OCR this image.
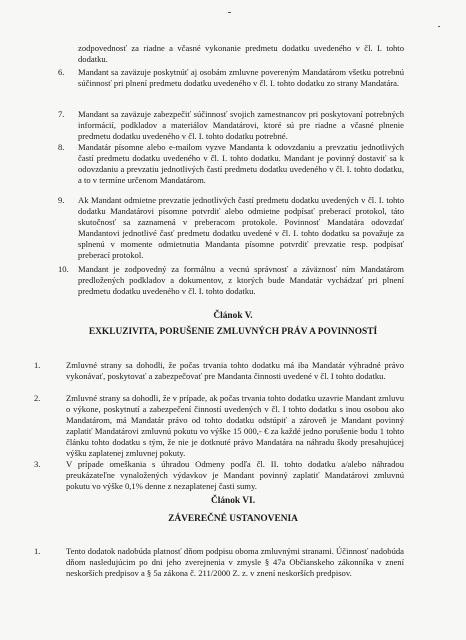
zodpovednosť za riadne a včasné vykonanie predmetu dodatku uvedeného v čl. I. tohto dodatku.

6. Mandant sa zaväzuje poskytnúť aj osobám zmluvne povereným Mandatárom všetku potrebnú súčinnosť pri plnení predmetu dodatku uvedeného v čl. I. tohto dodatku zo strany Mandatára.

7. Mandant sa zaväzuje zabezpečiť súčinnosť svojich zamestnancov pri poskytovaní potrebných informácií, podkladov a materiálov Mandatárovi, ktoré sú pre riadne a včasné plnenie predmetu dodatku uvedeného v čl. I. tohto dodatku potrebné.

8. Mandatár písomne alebo e-mailom vyzve Mandanta k odovzdaniu a prevzatiu jednotlivých častí predmetu dodatku uvedeného v čl. I. tohto dodatku. Mandant je povinný dostaviť sa k odovzdaniu a prevzatiu jednotlivých častí predmetu dodatku uvedeného v čl. I. tohto dodatku, a to v termíne určenom Mandatárom.

9. Ak Mandant odmietne prevzatie jednotlivých častí predmetu dodatku uvedených v čl. I. tohto dodatku Mandatárovi písomne potvrdiť alebo odmietne podpísať preberací protokol, táto skutočnosť sa zaznamená v preberacom protokole. Povinnosť Mandatára odovzdať Mandantovi jednotlivé časť predmetu dodatku uvedené v čl. I. tohto dodatku sa považuje za splnenú v momente odmietnutia Mandanta písomne potvrdiť prevzatie resp. podpísať preberací protokol.

10. Mandant je zodpovedný za formálnu a vecnú správnosť a záväznosť ním Mandatárom predložených podkladov a dokumentov, z ktorých bude Mandatár vychádzať pri plnení predmetu dodatku uvedeného v čl. I. tohto dodatku.

Článok V.
EXKLUZIVITA, PORUŠENIE ZMLUVNÝCH PRÁV A POVINNOSTÍ
1.	Zmluvné strany sa dohodli, že počas trvania tohto dodatku má iba Mandatár výhradné právo vykonávať, poskytovať a zabezpečovať pre Mandanta činnosti uvedené v čl. I tohto dodatku.

2.	Zmluvné strany sa dohodli, že v prípade, ak počas trvania tohto dodatku uzavrie Mandant zmluvu o výkone, poskytnutí a zabezpečení činností uvedených v čl. I tohto dodatku s inou osobou ako Mandatárom, má Mandatár právo od tohto dodatku odstúpiť a zároveň je Mandant povinný zaplatiť Mandatárovi zmluvnú pokutu vo výške 15 000,- € za každé jedno porušenie bodu 1 tohto článku tohto dodatku s tým, že nie je dotknuté právo Mandatára na náhradu škody presahujúcej výšku zaplatenej zmluvnej pokuty.

3.	V prípade omeškania s úhradou Odmeny podľa čl. II. tohto dodatku a/alebo náhradou preukázateľne vynaložených výdavkov je Mandant povinný zaplatiť Mandatárovi zmluvnú pokutu vo výške 0,1% denne z nezaplatenej časti sumy.

Článok VI.
ZÁVEREČNÉ USTANOVENIA
1.	Tento dodatok nadobúda platnosť dňom podpisu oboma zmluvnými stranami. Účinnosť nadobúda dňom nasledujúcim po dni jeho zverejnenia v zmysle § 47a Občianskeho zákonníka v znení neskorších predpisov a § 5a zákona č. 211/2000 Z. z. v znení neskorších predpisov.
